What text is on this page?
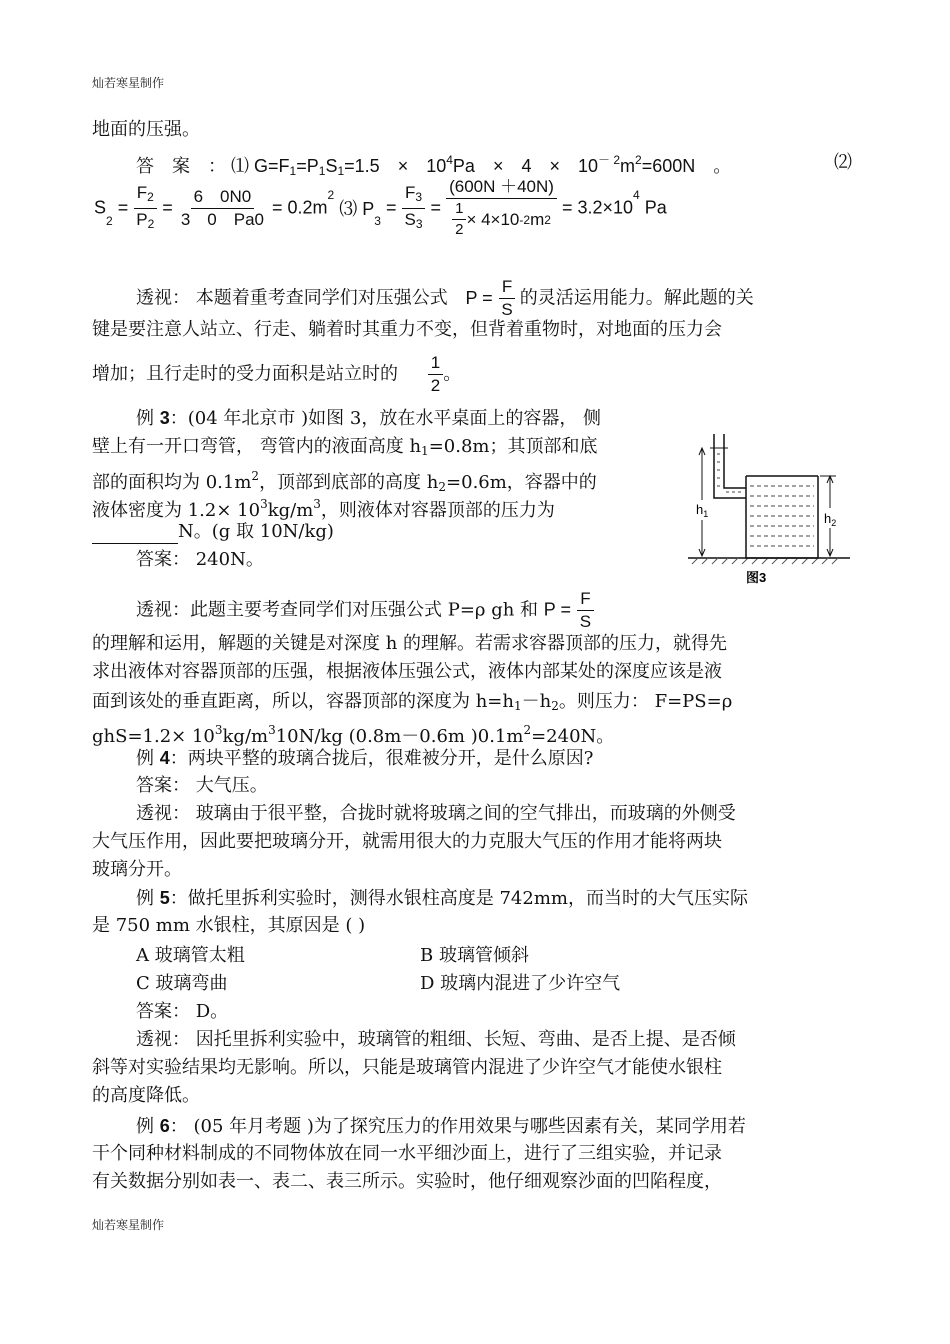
灿若寒星制作
地面的压强。
答　案　： ⑴ $G=F_1=P_1S_1=1.5$　×　$10^4Pa$　×　4　×　$10^{- 2}m^2=600N$　。	⑵
$S_2 = \frac{F_2}{P_2} = \frac{6 0N0}{3 0 Pa0} = 0.2m^2$ ⑶ $P_3 = \frac{F_3}{S_3} = \frac{(600N +40N)}{\frac{1}{2} \times 4\times 10 -2 m 2} = 3.2\times 10^4$ Pa
透视： 本题着重考查同学们对压强公式 $P = \frac{F}{S}$ 的灵活运用能力。解此题的关
键是要注意人站立、行走、躺着时其重力不变，但背着重物时，对地面的压力会
增加；且行走时的受力面积是站立时的 $\frac{1}{2}$ 。
例 3：(04 年北京市 )如图 3，放在水平桌面上的容器， 侧
壁上有一开口弯管， 弯管内的液面高度 $h_1=0.8m$；其顶部和底
部的面积均为 $0.1m^2$，顶部到底部的高度 $h_2=0.6m$，容器中的
液体密度为 $1.2\times 10^3kg/m^3$，则液体对容器顶部的压力为
N。(g 取 10N/kg)
答案： 240N。
$h_1$	$h_2$
图3
透视：此题主要考查同学们对压强公式 P=ρ gh 和 $P = \frac{F}{S}$
的理解和运用，解题的关键是对深度 h 的理解。若需求容器顶部的压力，就得先
求出液体对容器顶部的压强，根据液体压强公式，液体内部某处的深度应该是液
面到该处的垂直距离，所以，容器顶部的深度为 $h=h_1-h_2$。则压力： F=PS=ρ
$ghS=1.2\times 10^3kg/m^310N/kg$ (0.8m－0.6m )$0.1m^2=240N$。
例 4：两块平整的玻璃合拢后，很难被分开，是什么原因?
答案： 大气压。
透视： 玻璃由于很平整，合拢时就将玻璃之间的空气排出，而玻璃的外侧受
大气压作用，因此要把玻璃分开，就需用很大的力克服大气压的作用才能将两块
玻璃分开。
例 5：做托里拆利实验时，测得水银柱高度是 742mm，而当时的大气压实际
是 750 mm 水银柱，其原因是 ( )
A 玻璃管太粗	B 玻璃管倾斜
C 玻璃弯曲	D 玻璃内混进了少许空气
答案： D。
透视： 因托里拆利实验中，玻璃管的粗细、长短、弯曲、是否上提、是否倾
斜等对实验结果均无影响。所以，只能是玻璃管内混进了少许空气才能使水银柱
的高度降低。
例 6： (05 年月考题 )为了探究压力的作用效果与哪些因素有关，某同学用若
干个同种材料制成的不同物体放在同一水平细沙面上，进行了三组实验，并记录
有关数据分别如表一、表二、表三所示。实验时，他仔细观察沙面的凹陷程度，
灿若寒星制作
